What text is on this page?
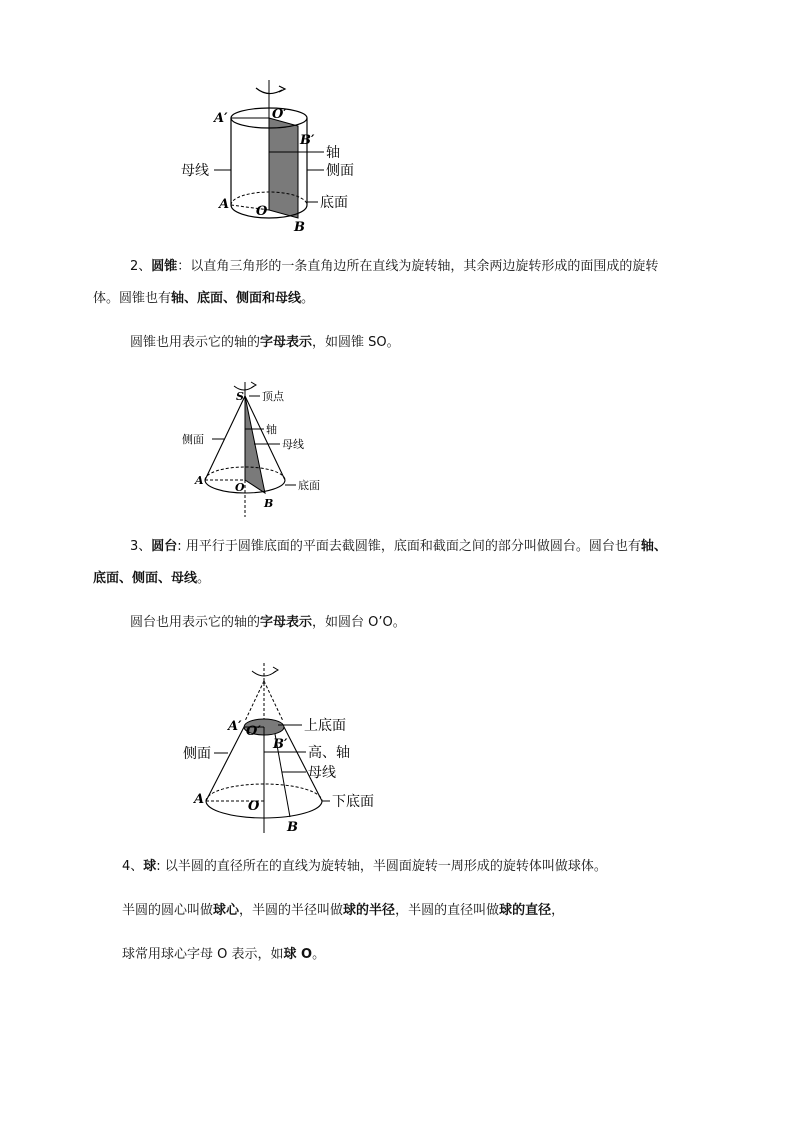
A′	O′
B′
轴
侧面
母线
底面
A O
B
2、圆锥：以直角三角形的一条直角边所在直线为旋转轴，其余两边旋转形成的面围成的旋转
体。圆锥也有轴、底面、侧面和母线。
圆锥也用表示它的轴的字母表示，如圆锥 SO。
S 顶点
轴
母线
侧面
底面
A
O
B
3、圆台: 用平行于圆锥底面的平面去截圆锥，底面和截面之间的部分叫做圆台。圆台也有轴、
底面、侧面、母线。
圆台也用表示它的轴的字母表示，如圆台 O’O。
A′ O′
B′
上底面
高、轴
母线
侧面
下底面
A	O
B
4、球: 以半圆的直径所在的直线为旋转轴，半圆面旋转一周形成的旋转体叫做球体。
半圆的圆心叫做球心，半圆的半径叫做球的半径，半圆的直径叫做球的直径，
球常用球心字母 O 表示，如球 O。
